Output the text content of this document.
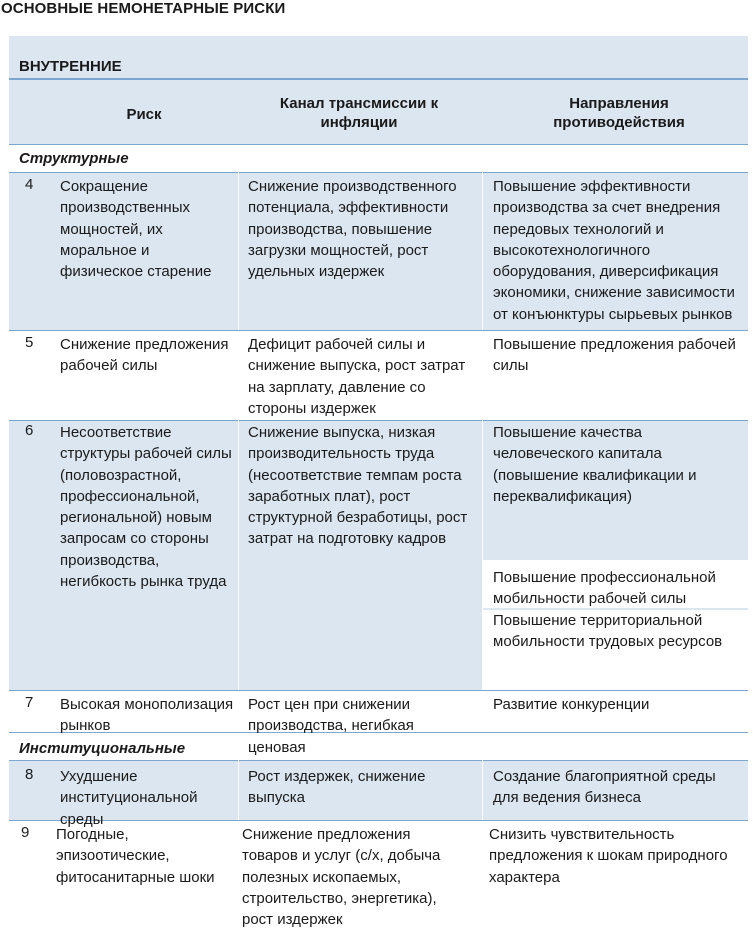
ОСНОВНЫЕ НЕМОНЕТАРНЫЕ РИСКИ
ВНУТРЕННИЕ
Риск
Канал трансмиссии к инфляции
Направления противодействия
Структурные
Институциональные
4 Сокращение производственных мощностей, их моральное и физическое старение
Снижение производственного потенциала, эффективности производства, повышение загрузки мощностей, рост удельных издержек
Повышение эффективности производства за счет внедрения передовых технологий и высокотехнологичного оборудования, диверсификация экономики, снижение зависимости от конъюнктуры сырьевых рынков
5 Снижение предложения рабочей силы
Дефицит рабочей силы и снижение выпуска, рост затрат на зарплату, давление со стороны издержек
Повышение предложения рабочей силы
6 Несоответствие структуры рабочей силы (половозрастной, профессиональной, региональной) новым запросам со стороны производства, негибкость рынка труда
Снижение выпуска, низкая производительность труда (несоответствие темпам роста заработных плат), рост структурной безработицы, рост затрат на подготовку кадров
Повышение качества человеческого капитала (повышение квалификации и переквалификация)
Повышение профессиональной мобильности рабочей силы
Повышение территориальной мобильности трудовых ресурсов
7 Высокая монополизация рынков
Рост цен при снижении производства, негибкая ценовая
Развитие конкуренции
8 Ухудшение институциональной среды
Рост издержек, снижение выпуска
Создание благоприятной среды для ведения бизнеса
9 Погодные, эпизоотические, фитосанитарные шоки
Снижение предложения товаров и услуг (с/х, добыча полезных ископаемых, строительство, энергетика), рост издержек
Снизить чувствительность предложения к шокам природного характера
